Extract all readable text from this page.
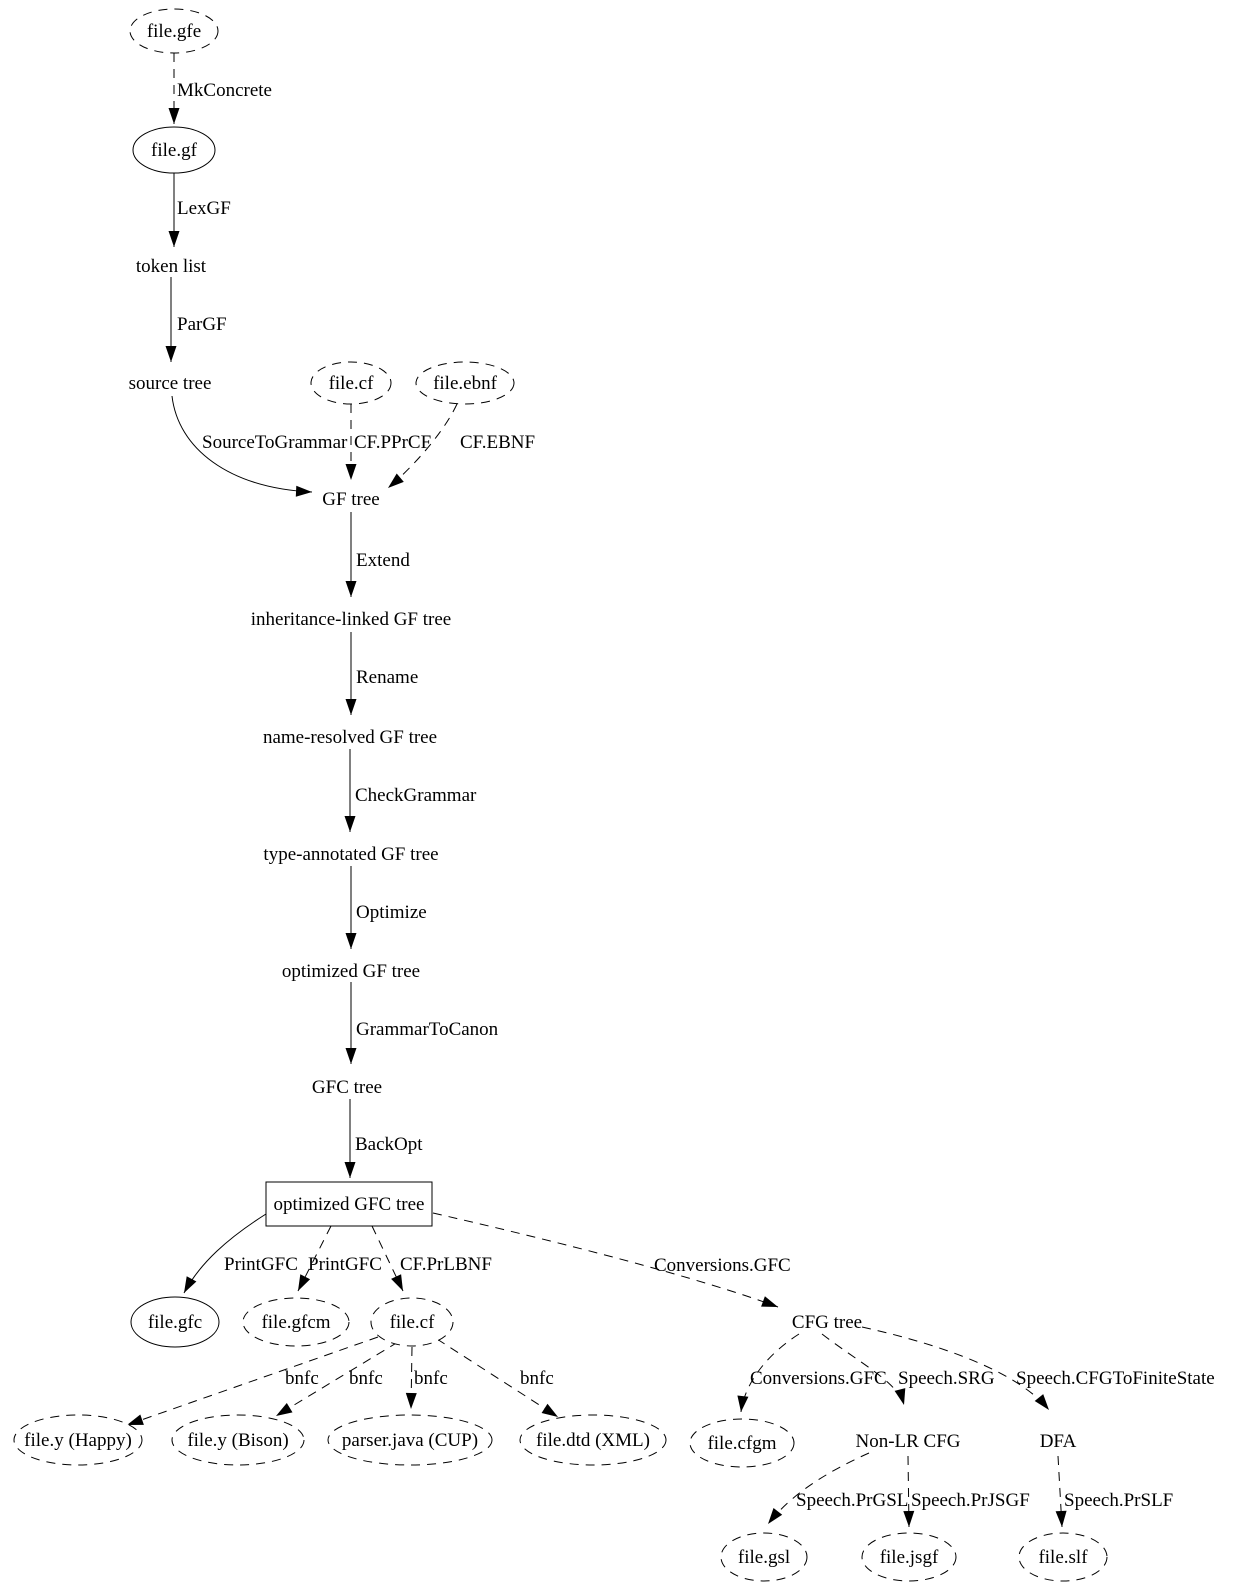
MkConcrete
LexGF
ParGF
SourceToGrammar CF.PPrCF CF.EBNF
Extend
Rename
CheckGrammar
Optimize
GrammarToCanon
BackOpt
PrintGFC PrintGFC CF.PrLBNF	Conversions.GFC
bnfc bnfc bnfc	bnfc	Conversions.GFC Speech.SRG Speech.CFGToFiniteState
Speech.PrGSL Speech.PrJSGF Speech.PrSLF
file.gfe
file.gf
token list
source tree	file.cf	file.ebnf
GF tree
inheritance-linked GF tree
name-resolved GF tree
type-annotated GF tree
optimized GF tree
GFC tree
optimized GFC tree
file.gfc	file.gfcm	file.cf	CFG tree
file.y (Happy)	file.y (Bison)	parser.java (CUP)	file.dtd (XML)	file.cfgm	Non-LR CFG	DFA
file.gsl	file.jsgf	file.slf
